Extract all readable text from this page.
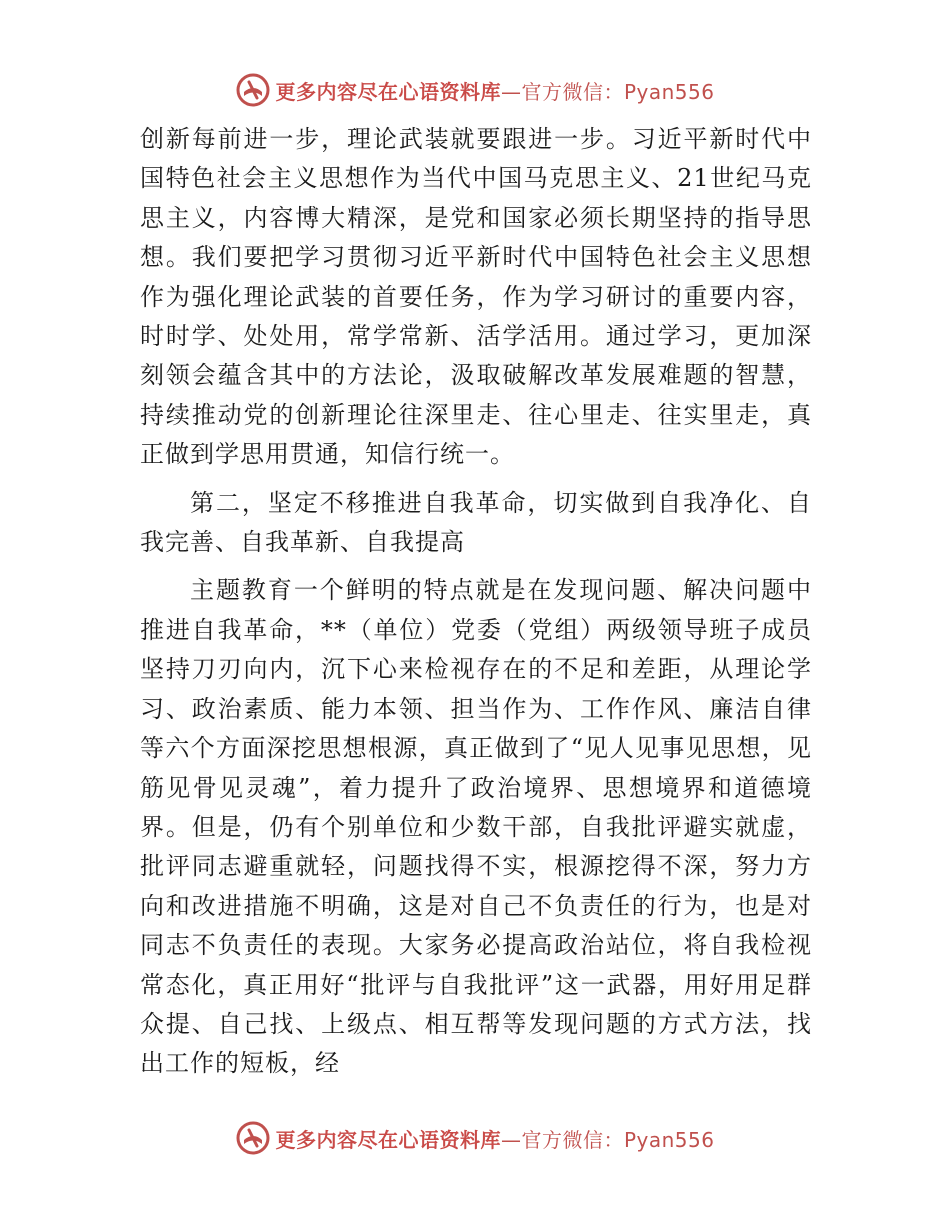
更多内容尽在心语资料库—官方微信：Pyan556

创新每前进一步，理论武装就要跟进一步。习近平新时代中国特色社会主义思想作为当代中国马克思主义、21世纪马克思主义，内容博大精深，是党和国家必须长期坚持的指导思想。我们要把学习贯彻习近平新时代中国特色社会主义思想作为强化理论武装的首要任务，作为学习研讨的重要内容，时时学、处处用，常学常新、活学活用。通过学习，更加深刻领会蕴含其中的方法论，汲取破解改革发展难题的智慧，持续推动党的创新理论往深里走、往心里走、往实里走，真正做到学思用贯通，知信行统一。

第二，坚定不移推进自我革命，切实做到自我净化、自我完善、自我革新、自我提高

主题教育一个鲜明的特点就是在发现问题、解决问题中推进自我革命，**（单位）党委（党组）两级领导班子成员坚持刀刃向内，沉下心来检视存在的不足和差距，从理论学习、政治素质、能力本领、担当作为、工作作风、廉洁自律等六个方面深挖思想根源，真正做到了“见人见事见思想，见筋见骨见灵魂”，着力提升了政治境界、思想境界和道德境界。但是，仍有个别单位和少数干部，自我批评避实就虚，批评同志避重就轻，问题找得不实，根源挖得不深，努力方向和改进措施不明确，这是对自己不负责任的行为，也是对同志不负责任的表现。大家务必提高政治站位，将自我检视常态化，真正用好“批评与自我批评”这一武器，用好用足群众提、自己找、上级点、相互帮等发现问题的方式方法，找出工作的短板，经

更多内容尽在心语资料库—官方微信：Pyan556
